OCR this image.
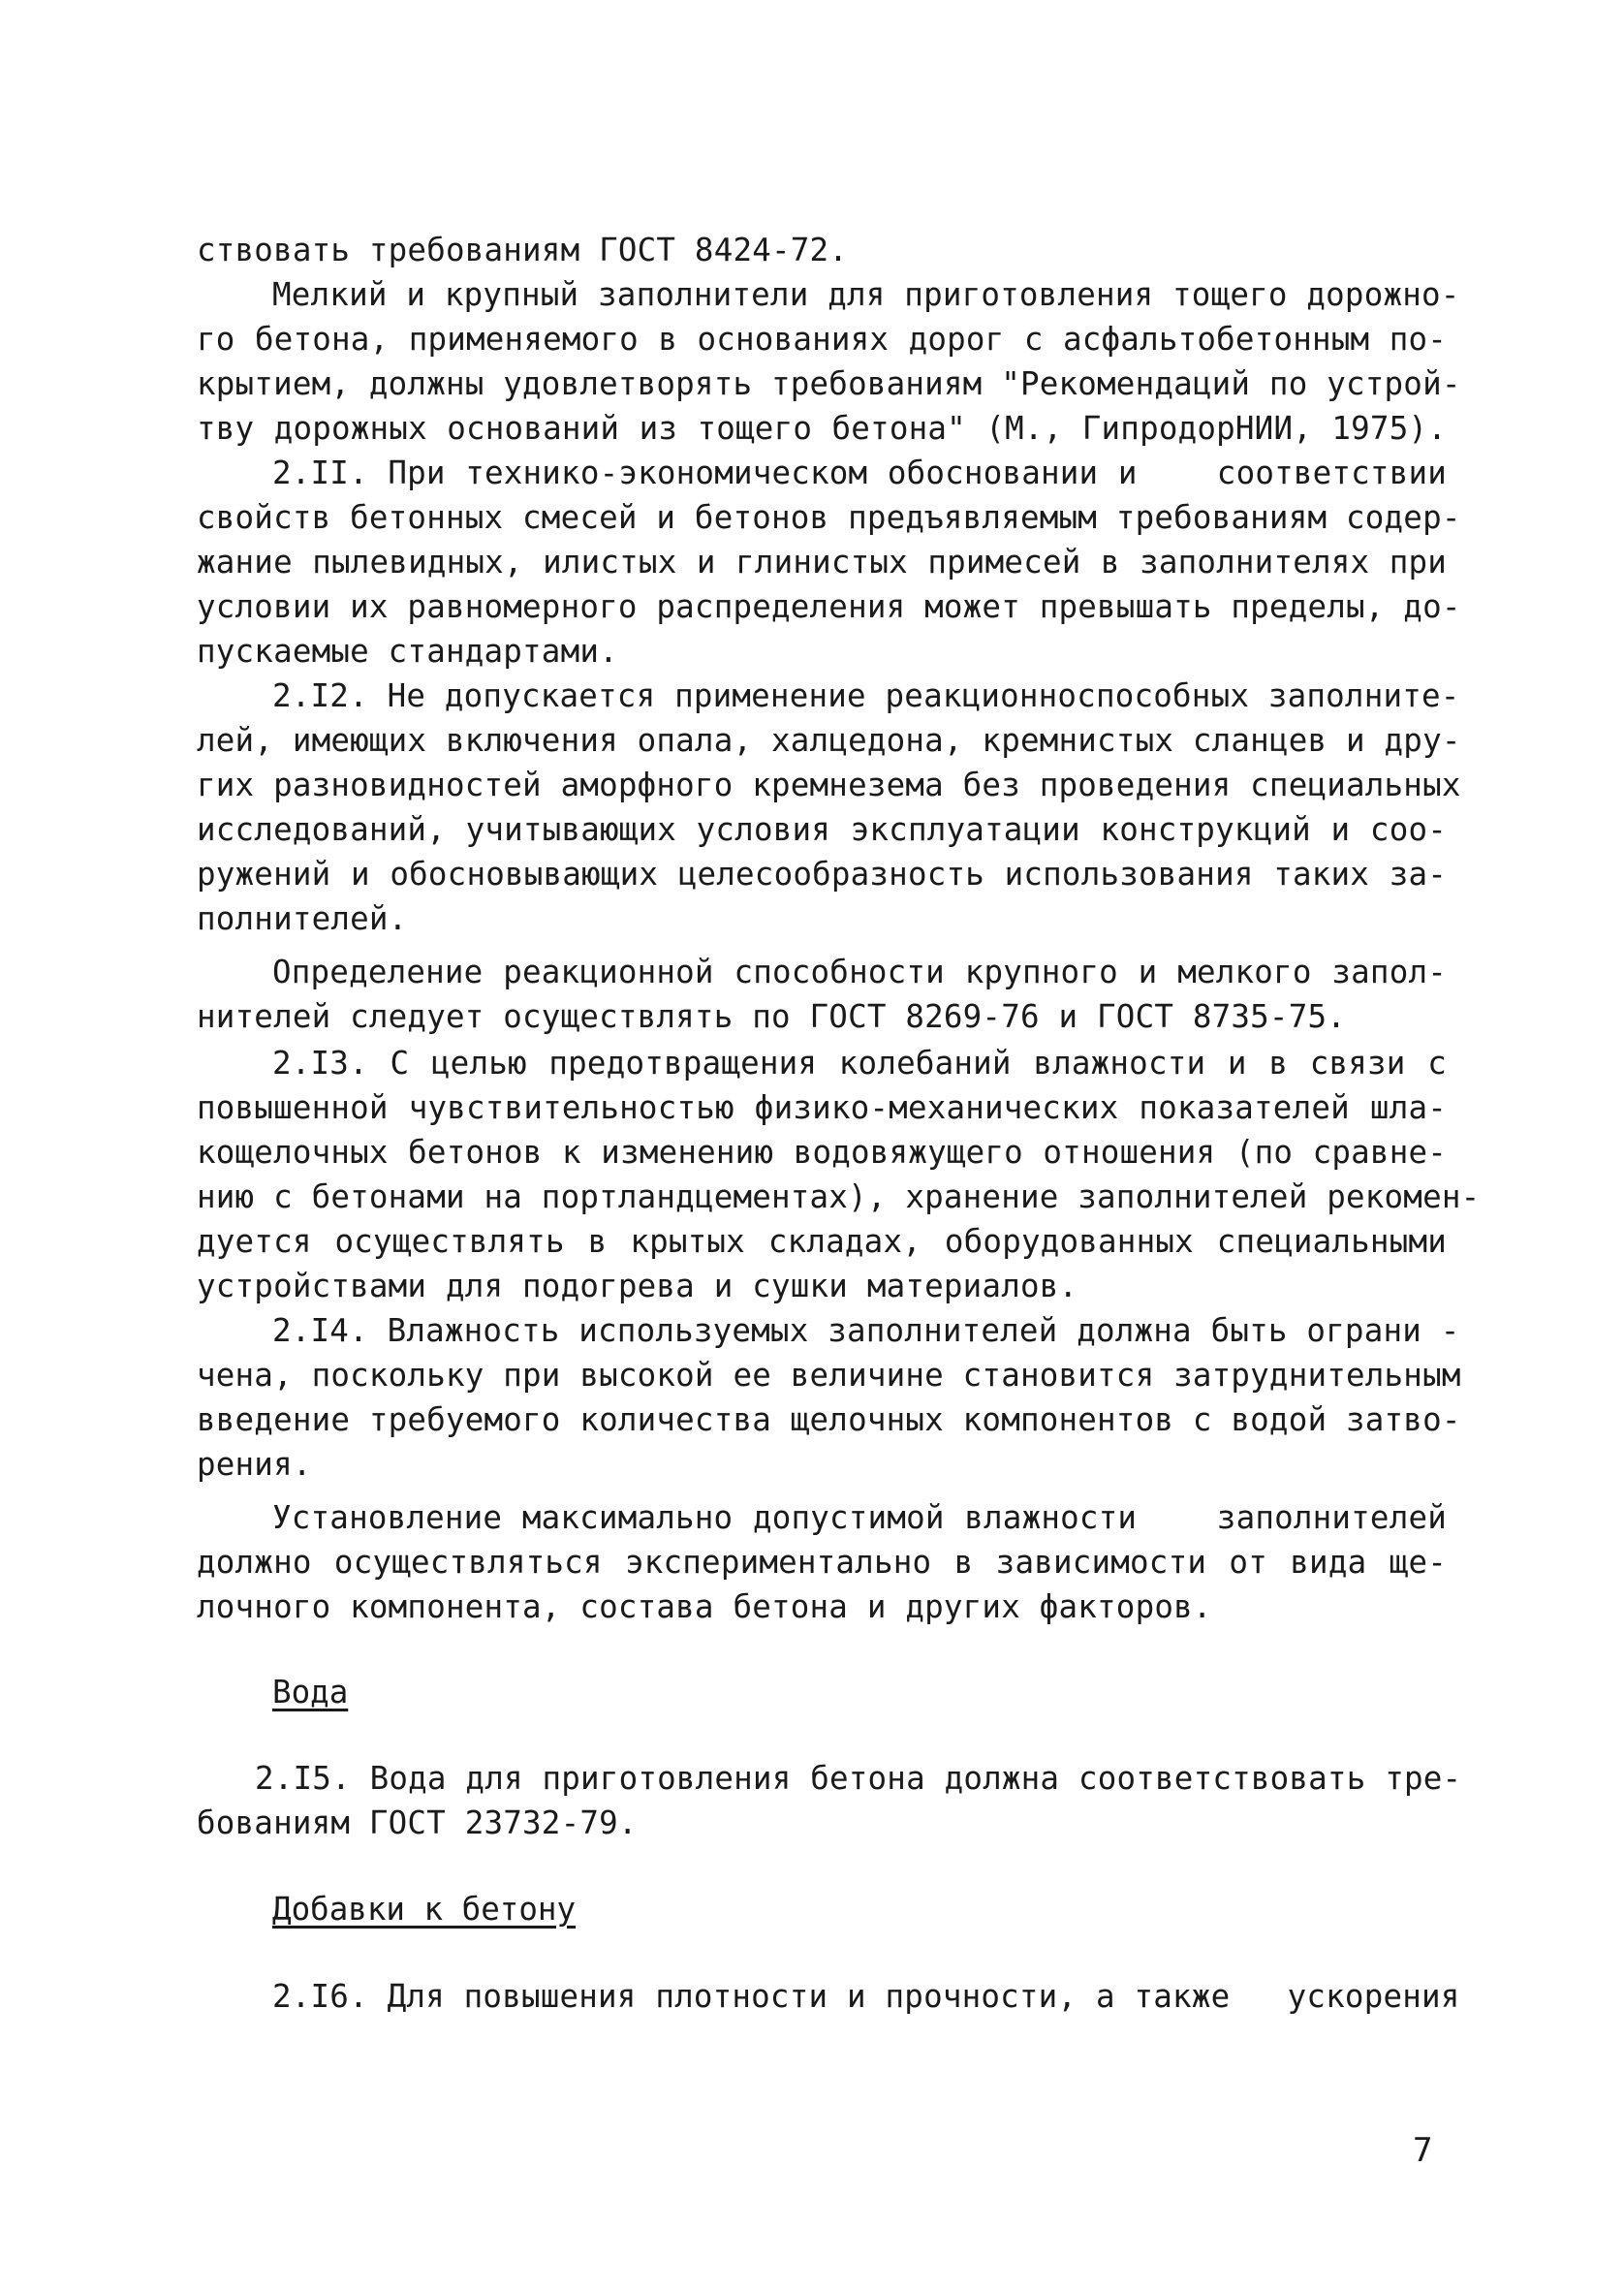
ствовать требованиям ГОСТ 8424-72.
Мелкий и крупный заполнители для приготовления тощего дорожно-
го бетона, применяемого в основаниях дорог с асфальтобетонным по-
крытием, должны удовлетворять требованиям "Рекомендаций по устрой-
тву дорожных оснований из тощего бетона" (М., ГипродорНИИ, 1975).
2.II. При технико-экономическом обосновании и    соответствии
свойств бетонных смесей и бетонов предъявляемым требованиям содер-
жание пылевидных, илистых и глинистых примесей в заполнителях при
условии их равномерного распределения может превышать пределы, до-
пускаемые стандартами.
2.I2. Не допускается применение реакционноспособных заполните-
лей, имеющих включения опала, халцедона, кремнистых сланцев и дру-
гих разновидностей аморфного кремнезема без проведения специальных
исследований, учитывающих условия эксплуатации конструкций и соо-
ружений и обосновывающих целесообразность использования таких за-
полнителей.
Определение реакционной способности крупного и мелкого запол-
нителей следует осуществлять по ГОСТ 8269-76 и ГОСТ 8735-75.
2.I3. С целью предотвращения колебаний влажности и в связи с
повышенной чувствительностью физико-механических показателей шла-
кощелочных бетонов к изменению водовяжущего отношения (по сравне-
нию с бетонами на портландцементах), хранение заполнителей рекомен-
дуется осуществлять в крытых складах, оборудованных специальными
устройствами для подогрева и сушки материалов.
2.I4. Влажность используемых заполнителей должна быть ограни -
чена, поскольку при высокой ее величине становится затруднительным
введение требуемого количества щелочных компонентов с водой затво-
рения.
Установление максимально допустимой влажности    заполнителей
должно осуществляться экспериментально в зависимости от вида ще-
лочного компонента, состава бетона и других факторов.
Вода
2.I5. Вода для приготовления бетона должна соответствовать тре-
бованиям ГОСТ 23732-79.
Добавки к бетону
2.I6. Для повышения плотности и прочности, а также   ускорения
7
